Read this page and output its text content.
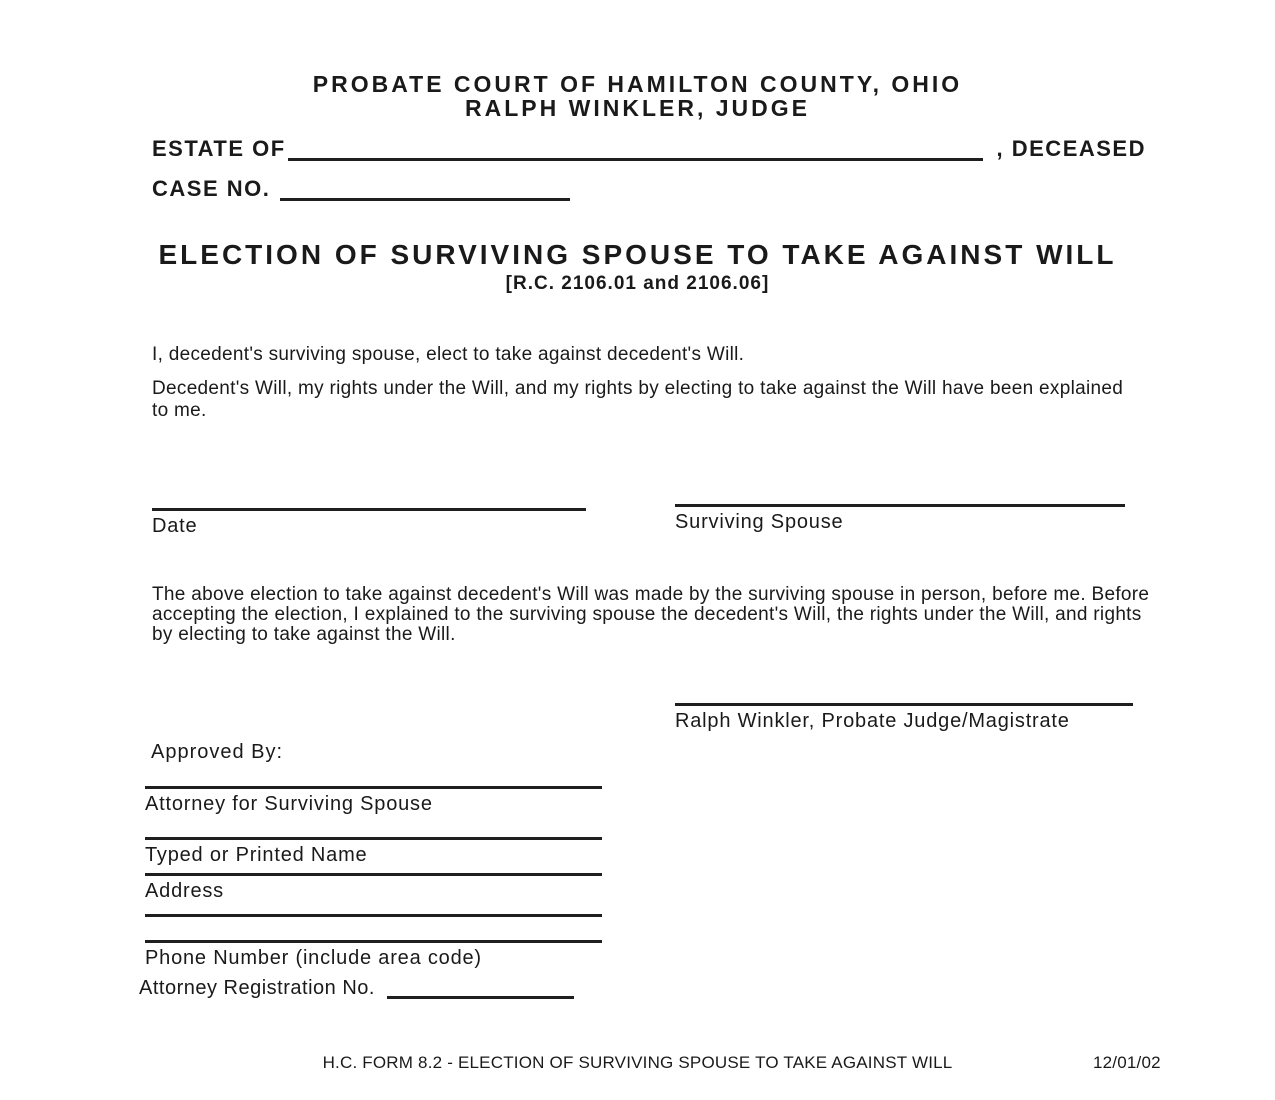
PROBATE COURT OF HAMILTON COUNTY, OHIO
RALPH WINKLER, JUDGE
ESTATE OF	, DECEASED
CASE NO.
ELECTION OF SURVIVING SPOUSE TO TAKE AGAINST WILL
[R.C. 2106.01 and 2106.06]
I, decedent's surviving spouse, elect to take against decedent's Will.
Decedent's Will, my rights under the Will, and my rights by electing to take against the Will have been explained to me.
Date	Surviving Spouse
The above election to take against decedent's Will was made by the surviving spouse in person, before me. Before accepting the election, I explained to the surviving spouse the decedent's Will, the rights under the Will, and rights by electing to take against the Will.
Ralph Winkler, Probate Judge/Magistrate
Approved By:
Attorney for Surviving Spouse
Typed or Printed Name
Address
Phone Number (include area code)
Attorney Registration No.
H.C. FORM 8.2 - ELECTION OF SURVIVING SPOUSE TO TAKE AGAINST WILL	12/01/02
